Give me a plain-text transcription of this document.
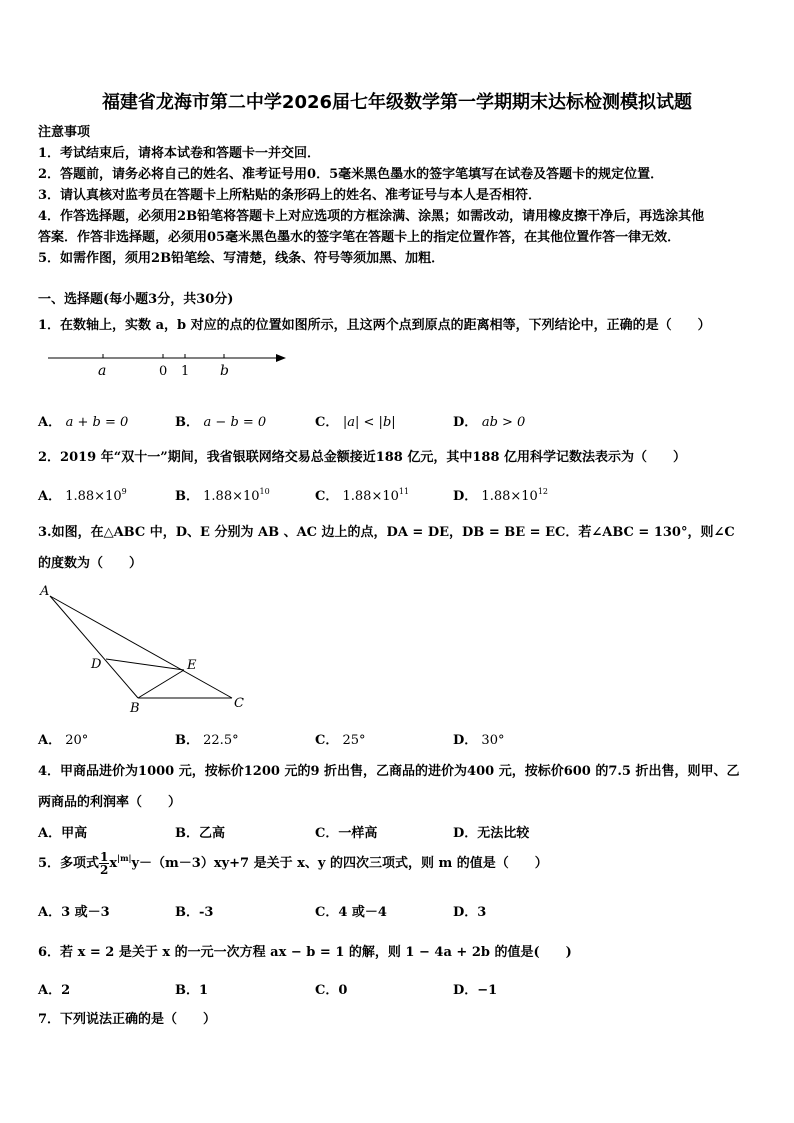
福建省龙海市第二中学2026届七年级数学第一学期期末达标检测模拟试题
注意事项
1．考试结束后，请将本试卷和答题卡一并交回．
2．答题前，请务必将自己的姓名、准考证号用0．5毫米黑色墨水的签字笔填写在试卷及答题卡的规定位置．
3．请认真核对监考员在答题卡上所粘贴的条形码上的姓名、准考证号与本人是否相符．
4．作答选择题，必须用2B铅笔将答题卡上对应选项的方框涂满、涂黑；如需改动，请用橡皮擦干净后，再选涂其他
答案．作答非选择题，必须用05毫米黑色墨水的签字笔在答题卡上的指定位置作答，在其他位置作答一律无效．
5．如需作图，须用2B铅笔绘、写清楚，线条、符号等须加黑、加粗．
一、选择题(每小题3分，共30分)
1．在数轴上，实数 a，b 对应的点的位置如图所示，且这两个点到原点的距离相等，下列结论中，正确的是（　　）
a	0 1 b
A． a + b = 0	B． a − b = 0	C． |a| < |b|	D． ab > 0
2．2019 年“双十一”期间，我省银联网络交易总金额接近188 亿元，其中188 亿用科学记数法表示为（　　）
A． $1.88\times 10^9$	B． $1.88\times 10^{10}$	C． $1.88\times 10^{11}$	D． $1.88\times 10^{12}$
3.如图，在△ABC 中，D、E 分别为 AB 、AC 边上的点，DA = DE，DB = BE = EC．若∠ABC = 130°，则∠C
的度数为（　　）
A
D	E
B	C
A． 20°	B． 22.5°	C． 25°	D． 30°
4．甲商品进价为1000 元，按标价1200 元的9 折出售，乙商品的进价为400 元，按标价600 的7.5 折出售，则甲、乙
两商品的利润率（　　）
A．甲高	B．乙高	C．一样高	D．无法比较
5．多项式 $\frac{1}{2} x^{|m|}y-(m-3)xy+7$ 是关于 x、y 的四次三项式，则 m 的值是（　　）
A．3 或－3	B．-3	C．4 或－4	D．3
6．若 x = 2 是关于 x 的一元一次方程 ax − b = 1 的解，则 1 − 4a + 2b 的值是(　　)
A．2	B．1	C．0	D．−1
7．下列说法正确的是（　　）
